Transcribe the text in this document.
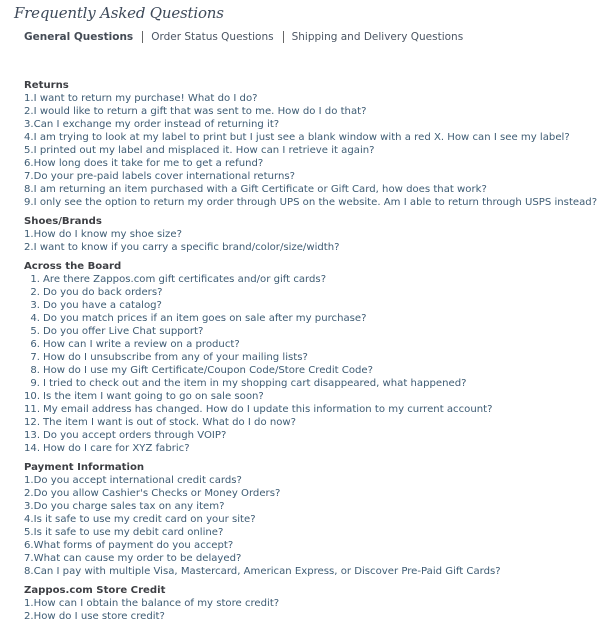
Frequently Asked Questions
General Questions Order Status Questions Shipping and Delivery Questions
Returns
1.I want to return my purchase! What do I do?
2.I would like to return a gift that was sent to me. How do I do that?
3.Can I exchange my order instead of returning it?
4.I am trying to look at my label to print but I just see a blank window with a red X. How can I see my label?
5.I printed out my label and misplaced it. How can I retrieve it again?
6.How long does it take for me to get a refund?
7.Do your pre-paid labels cover international returns?
8.I am returning an item purchased with a Gift Certificate or Gift Card, how does that work?
9.I only see the option to return my order through UPS on the website. Am I able to return through USPS instead?
Shoes/Brands
1.How do I know my shoe size?
2.I want to know if you carry a specific brand/color/size/width?
Across the Board
1. Are there Zappos.com gift certificates and/or gift cards?
2. Do you do back orders?
3. Do you have a catalog?
4. Do you match prices if an item goes on sale after my purchase?
5. Do you offer Live Chat support?
6. How can I write a review on a product?
7. How do I unsubscribe from any of your mailing lists?
8. How do I use my Gift Certificate/Coupon Code/Store Credit Code?
9. I tried to check out and the item in my shopping cart disappeared, what happened?
10. Is the item I want going to go on sale soon?
11. My email address has changed. How do I update this information to my current account?
12. The item I want is out of stock. What do I do now?
13. Do you accept orders through VOIP?
14. How do I care for XYZ fabric?
Payment Information
1.Do you accept international credit cards?
2.Do you allow Cashier's Checks or Money Orders?
3.Do you charge sales tax on any item?
4.Is it safe to use my credit card on your site?
5.Is it safe to use my debit card online?
6.What forms of payment do you accept?
7.What can cause my order to be delayed?
8.Can I pay with multiple Visa, Mastercard, American Express, or Discover Pre-Paid Gift Cards?
Zappos.com Store Credit
1.How can I obtain the balance of my store credit?
2.How do I use store credit?
